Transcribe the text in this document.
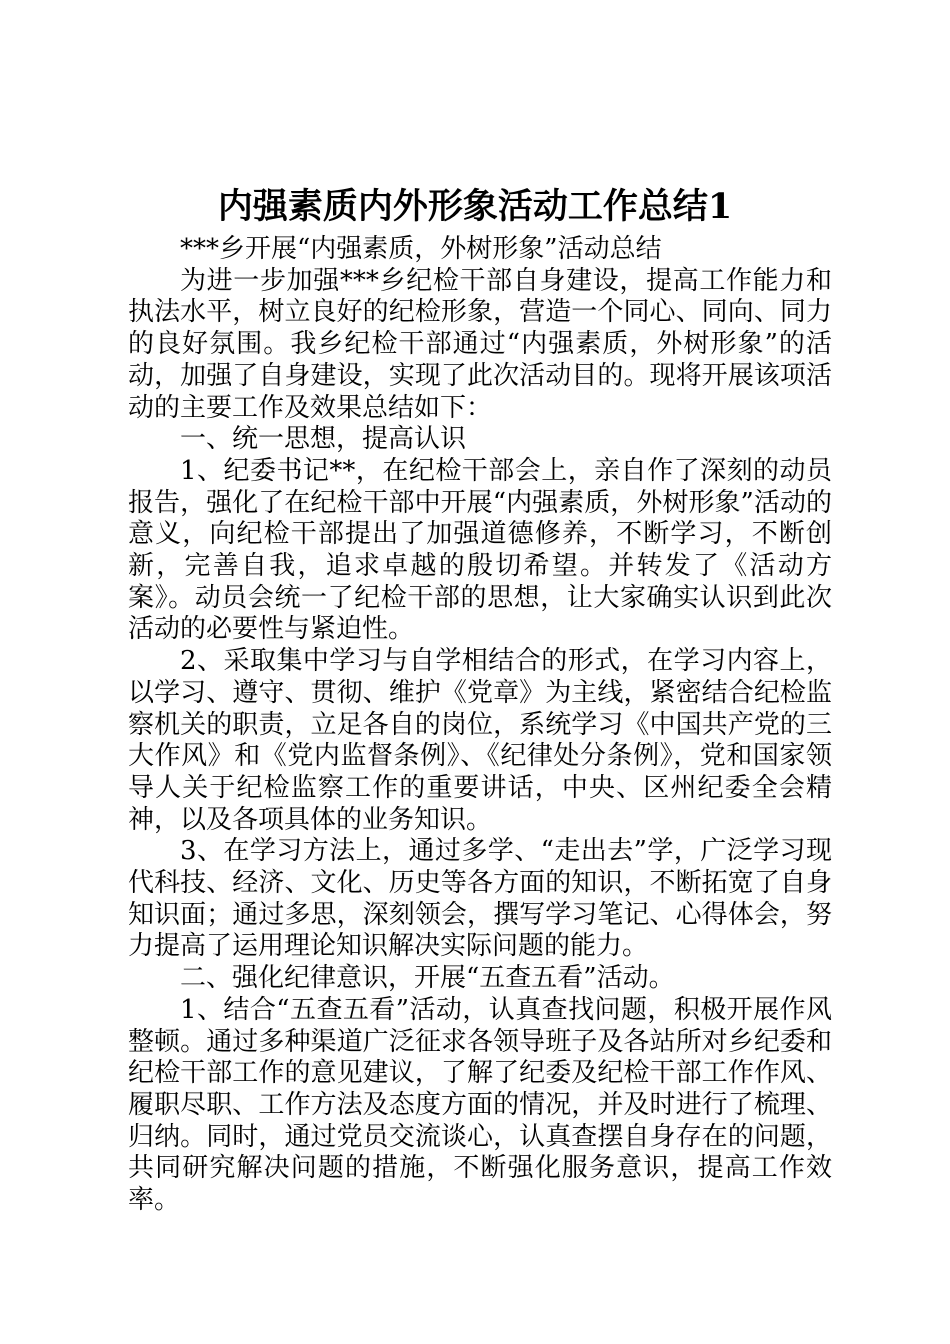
内强素质内外形象活动工作总结1

***乡开展“内强素质，外树形象”活动总结

为进一步加强***乡纪检干部自身建设，提高工作能力和执法水平，树立良好的纪检形象，营造一个同心、同向、同力的良好氛围。我乡纪检干部通过“内强素质，外树形象”的活动，加强了自身建设，实现了此次活动目的。现将开展该项活动的主要工作及效果总结如下：

一、统一思想，提高认识

1、纪委书记**，在纪检干部会上，亲自作了深刻的动员报告，强化了在纪检干部中开展“内强素质，外树形象”活动的意义，向纪检干部提出了加强道德修养，不断学习，不断创新，完善自我，追求卓越的殷切希望。并转发了《活动方案》。动员会统一了纪检干部的思想，让大家确实认识到此次活动的必要性与紧迫性。

2、采取集中学习与自学相结合的形式，在学习内容上，以学习、遵守、贯彻、维护《党章》为主线，紧密结合纪检监察机关的职责，立足各自的岗位，系统学习《中国共产党的三大作风》和《党内监督条例》、《纪律处分条例》，党和国家领导人关于纪检监察工作的重要讲话，中央、区州纪委全会精神，以及各项具体的业务知识。

3、在学习方法上，通过多学、“走出去”学，广泛学习现代科技、经济、文化、历史等各方面的知识，不断拓宽了自身知识面；通过多思，深刻领会，撰写学习笔记、心得体会，努力提高了运用理论知识解决实际问题的能力。

二、强化纪律意识，开展“五查五看”活动。

1、结合“五查五看”活动，认真查找问题，积极开展作风整顿。通过多种渠道广泛征求各领导班子及各站所对乡纪委和纪检干部工作的意见建议，了解了纪委及纪检干部工作作风、履职尽职、工作方法及态度方面的情况，并及时进行了梳理、归纳。同时，通过党员交流谈心，认真查摆自身存在的问题，共同研究解决问题的措施，不断强化服务意识，提高工作效率。
